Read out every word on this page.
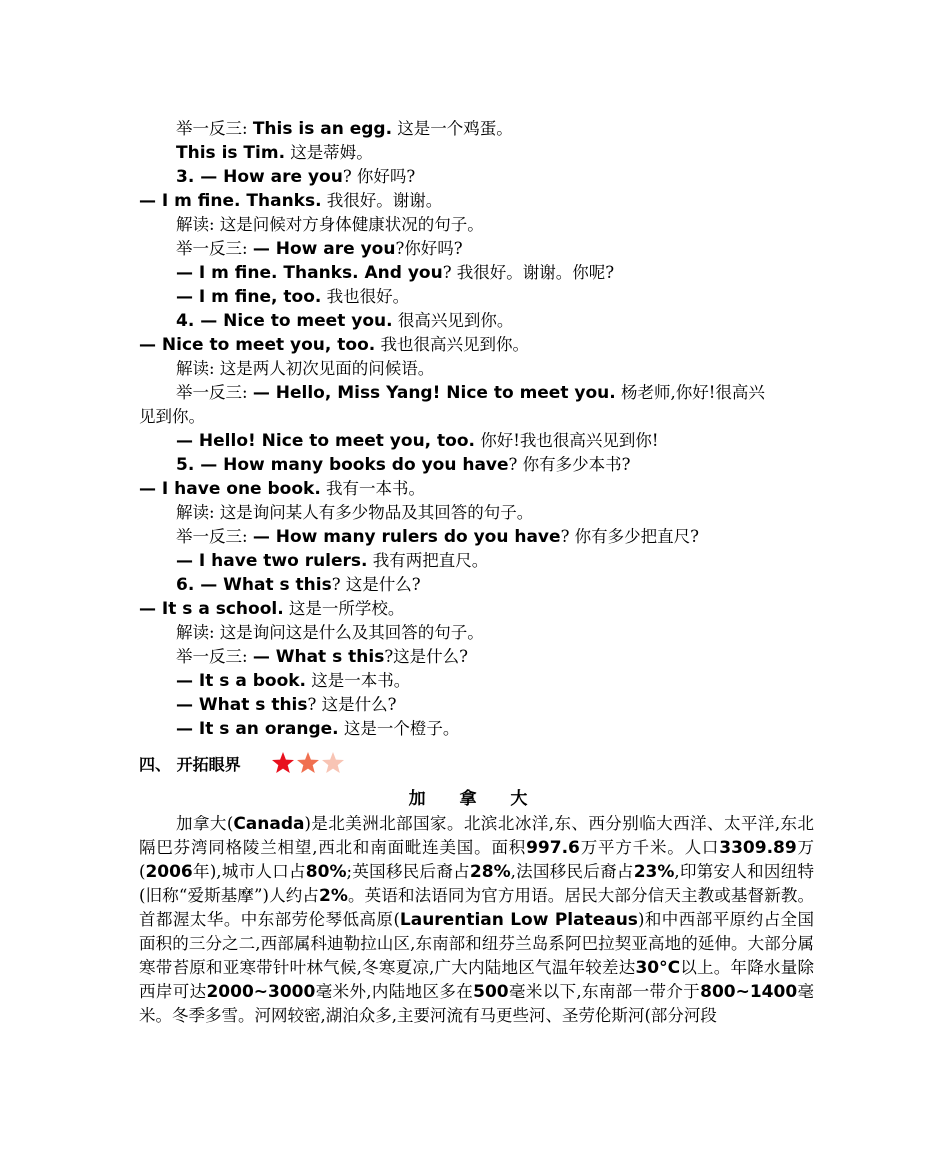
举一反三: This is an egg. 这是一个鸡蛋。
This is Tim. 这是蒂姆。
3. — How are you? 你好吗?
— I m fine. Thanks. 我很好。谢谢。
解读: 这是问候对方身体健康状况的句子。
举一反三: — How are you?你好吗?
— I m fine. Thanks. And you? 我很好。谢谢。你呢?
— I m fine, too. 我也很好。
4. — Nice to meet you. 很高兴见到你。
— Nice to meet you, too. 我也很高兴见到你。
解读: 这是两人初次见面的问候语。
举一反三: — Hello, Miss Yang! Nice to meet you. 杨老师,你好!很高兴
见到你。
— Hello! Nice to meet you, too. 你好!我也很高兴见到你!
5. — How many books do you have? 你有多少本书?
— I have one book. 我有一本书。
解读: 这是询问某人有多少物品及其回答的句子。
举一反三: — How many rulers do you have? 你有多少把直尺?
— I have two rulers. 我有两把直尺。
6. — What s this? 这是什么?
— It s a school. 这是一所学校。
解读: 这是询问这是什么及其回答的句子。
举一反三: — What s this?这是什么?
— It s a book. 这是一本书。
— What s this? 这是什么?
— It s an orange. 这是一个橙子。
四、 开拓眼界
加 拿 大
加拿大(Canada)是北美洲北部国家。北滨北冰洋,东、西分别临大西洋、太平洋,东北隔巴芬湾同格陵兰相望,西北和南面毗连美国。面积997.6万平方千米。人口3309.89万(2006年),城市人口占80%;英国移民后裔占28%,法国移民后裔占23%,印第安人和因纽特(旧称“爱斯基摩”)人约占2%。英语和法语同为官方用语。居民大部分信天主教或基督新教。首都渥太华。中东部劳伦琴低高原(Laurentian Low Plateaus)和中西部平原约占全国面积的三分之二,西部属科迪勒拉山区,东南部和纽芬兰岛系阿巴拉契亚高地的延伸。大部分属寒带苔原和亚寒带针叶林气候,冬寒夏凉,广大内陆地区气温年较差达30°C以上。年降水量除西岸可达2000~3000毫米外,内陆地区多在500毫米以下,东南部一带介于800~1400毫米。冬季多雪。河网较密,湖泊众多,主要河流有马更些河、圣劳伦斯河(部分河段
